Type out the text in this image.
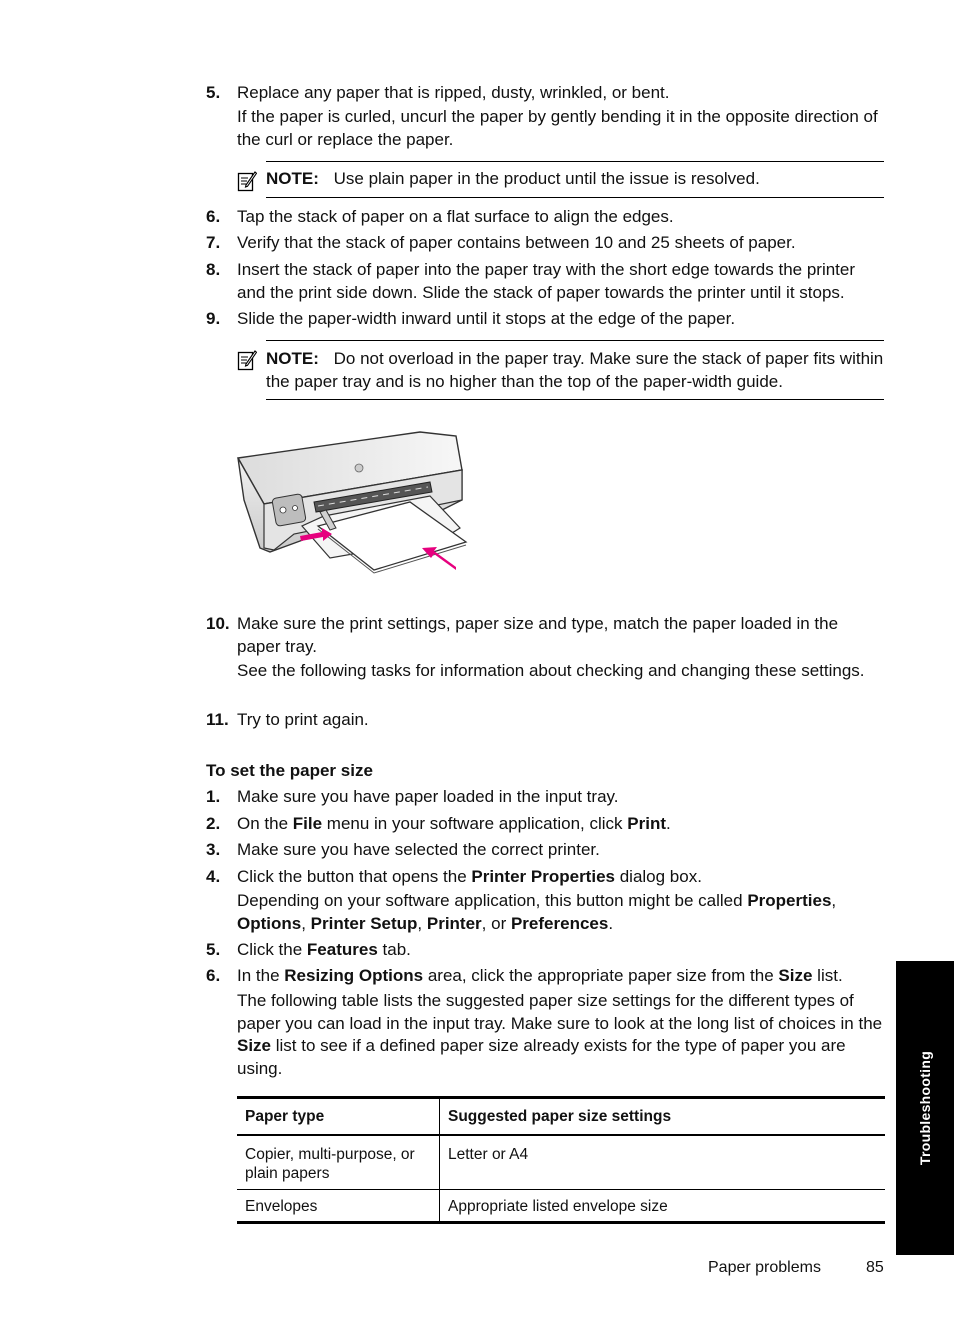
5. Replace any paper that is ripped, dusty, wrinkled, or bent.
If the paper is curled, uncurl the paper by gently bending it in the opposite direction of the curl or replace the paper.
NOTE: Use plain paper in the product until the issue is resolved.
6. Tap the stack of paper on a flat surface to align the edges.
7. Verify that the stack of paper contains between 10 and 25 sheets of paper.
8. Insert the stack of paper into the paper tray with the short edge towards the printer and the print side down. Slide the stack of paper towards the printer until it stops.
9. Slide the paper-width inward until it stops at the edge of the paper.
NOTE: Do not overload in the paper tray. Make sure the stack of paper fits within the paper tray and is no higher than the top of the paper-width guide.
10. Make sure the print settings, paper size and type, match the paper loaded in the paper tray.
See the following tasks for information about checking and changing these settings.
11. Try to print again.
To set the paper size
1. Make sure you have paper loaded in the input tray.
2. On the File menu in your software application, click Print.
3. Make sure you have selected the correct printer.
4. Click the button that opens the Printer Properties dialog box.
Depending on your software application, this button might be called Properties, Options, Printer Setup, Printer, or Preferences.
5. Click the Features tab.
6. In the Resizing Options area, click the appropriate paper size from the Size list.
The following table lists the suggested paper size settings for the different types of paper you can load in the input tray. Make sure to look at the long list of choices in the Size list to see if a defined paper size already exists for the type of paper you are using.
Paper type	Suggested paper size settings
Copier, multi-purpose, or plain papers	Letter or A4
Envelopes	Appropriate listed envelope size
Troubleshooting
Paper problems	85
